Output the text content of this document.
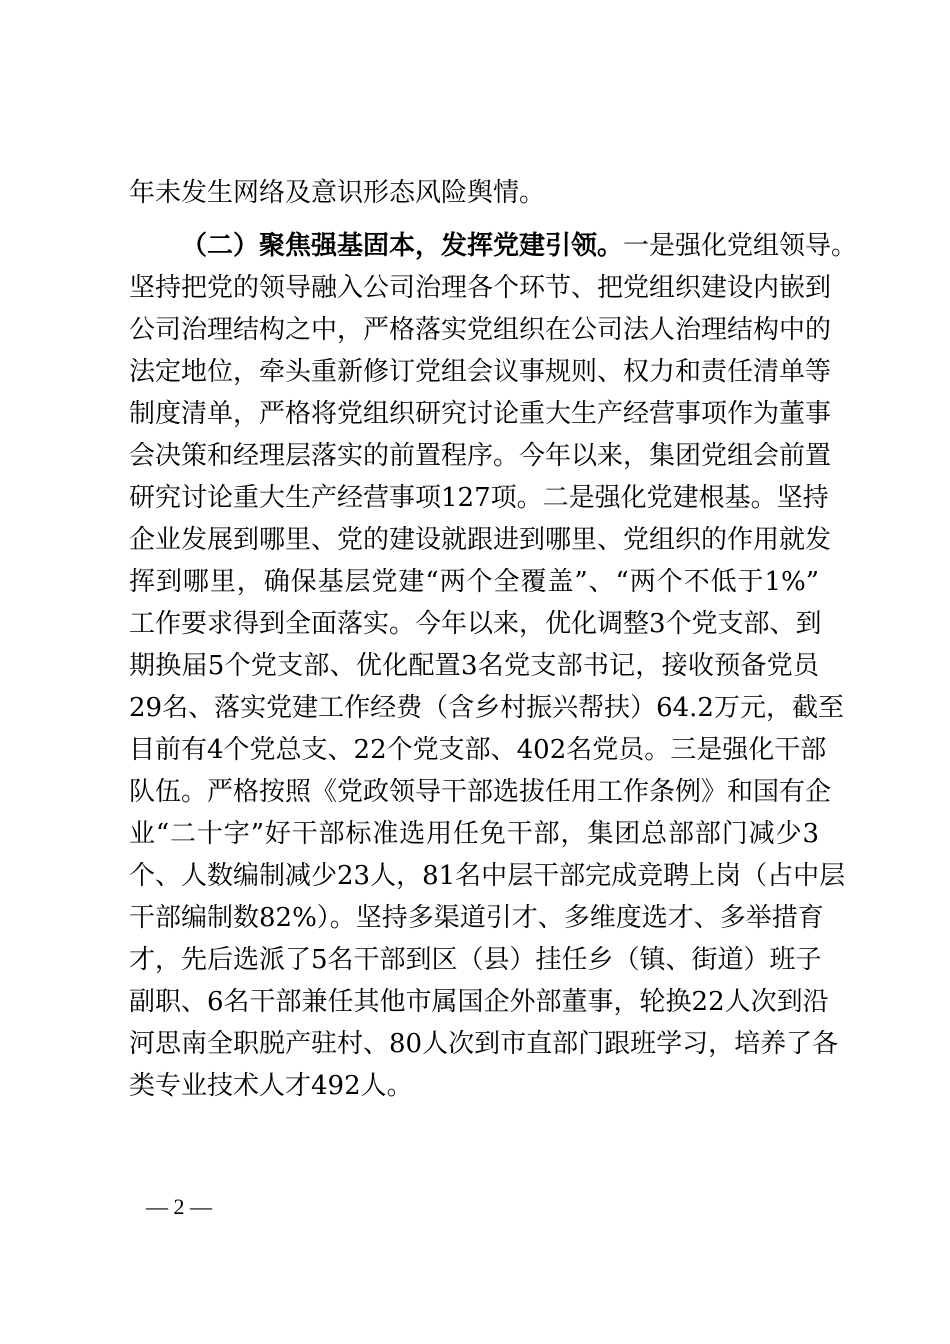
年未发生网络及意识形态风险舆情。
（二）聚焦强基固本，发挥党建引领。一是强化党组领导。
坚持把党的领导融入公司治理各个环节、把党组织建设内嵌到
公司治理结构之中，严格落实党组织在公司法人治理结构中的
法定地位，牵头重新修订党组会议事规则、权力和责任清单等
制度清单，严格将党组织研究讨论重大生产经营事项作为董事
会决策和经理层落实的前置程序。今年以来，集团党组会前置
研究讨论重大生产经营事项127项。二是强化党建根基。坚持
企业发展到哪里、党的建设就跟进到哪里、党组织的作用就发
挥到哪里，确保基层党建“两个全覆盖”、“两个不低于1%”
工作要求得到全面落实。今年以来，优化调整3个党支部、到
期换届5个党支部、优化配置3名党支部书记，接收预备党员
29名、落实党建工作经费（含乡村振兴帮扶）64.2万元，截至
目前有4个党总支、22个党支部、402名党员。三是强化干部
队伍。严格按照《党政领导干部选拔任用工作条例》和国有企
业“二十字”好干部标准选用任免干部，集团总部部门减少3
个、人数编制减少23人，81名中层干部完成竞聘上岗（占中层
干部编制数82%）。坚持多渠道引才、多维度选才、多举措育
才，先后选派了5名干部到区（县）挂任乡（镇、街道）班子
副职、6名干部兼任其他市属国企外部董事，轮换22人次到沿
河思南全职脱产驻村、80人次到市直部门跟班学习，培养了各
类专业技术人才492人。
— 2 —
